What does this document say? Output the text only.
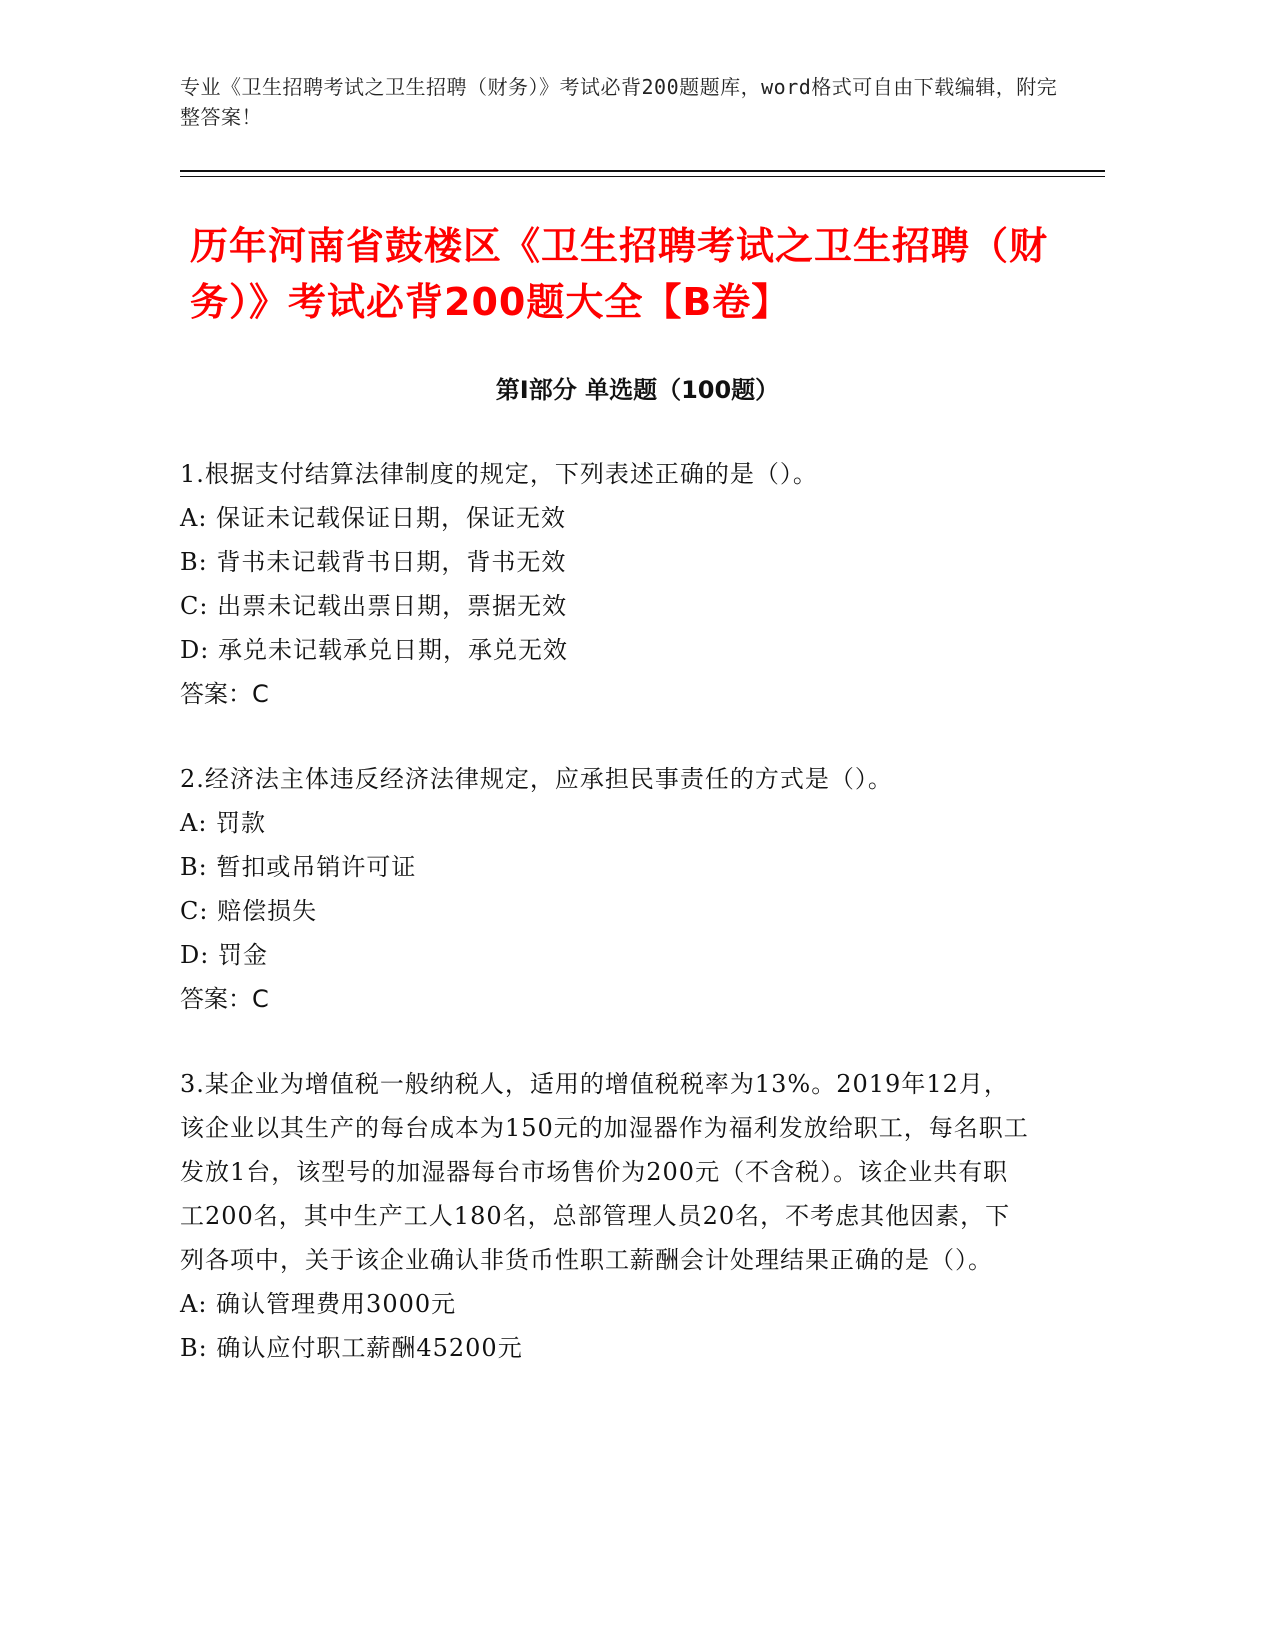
专业《卫生招聘考试之卫生招聘（财务）》考试必背200题题库，word格式可自由下载编辑，附完整答案！
历年河南省鼓楼区《卫生招聘考试之卫生招聘（财务）》考试必背200题大全【B卷】
第I部分 单选题（100题）
1.根据支付结算法律制度的规定，下列表述正确的是（）。
A: 保证未记载保证日期，保证无效
B: 背书未记载背书日期，背书无效
C: 出票未记载出票日期，票据无效
D: 承兑未记载承兑日期，承兑无效
答案：C
2.经济法主体违反经济法律规定，应承担民事责任的方式是（）。
A: 罚款
B: 暂扣或吊销许可证
C: 赔偿损失
D: 罚金
答案：C
3.某企业为增值税一般纳税人，适用的增值税税率为13%。2019年12月，该企业以其生产的每台成本为150元的加湿器作为福利发放给职工，每名职工发放1台，该型号的加湿器每台市场售价为200元（不含税）。该企业共有职工200名，其中生产工人180名，总部管理人员20名，不考虑其他因素，下列各项中，关于该企业确认非货币性职工薪酬会计处理结果正确的是（）。
A: 确认管理费用3000元
B: 确认应付职工薪酬45200元
